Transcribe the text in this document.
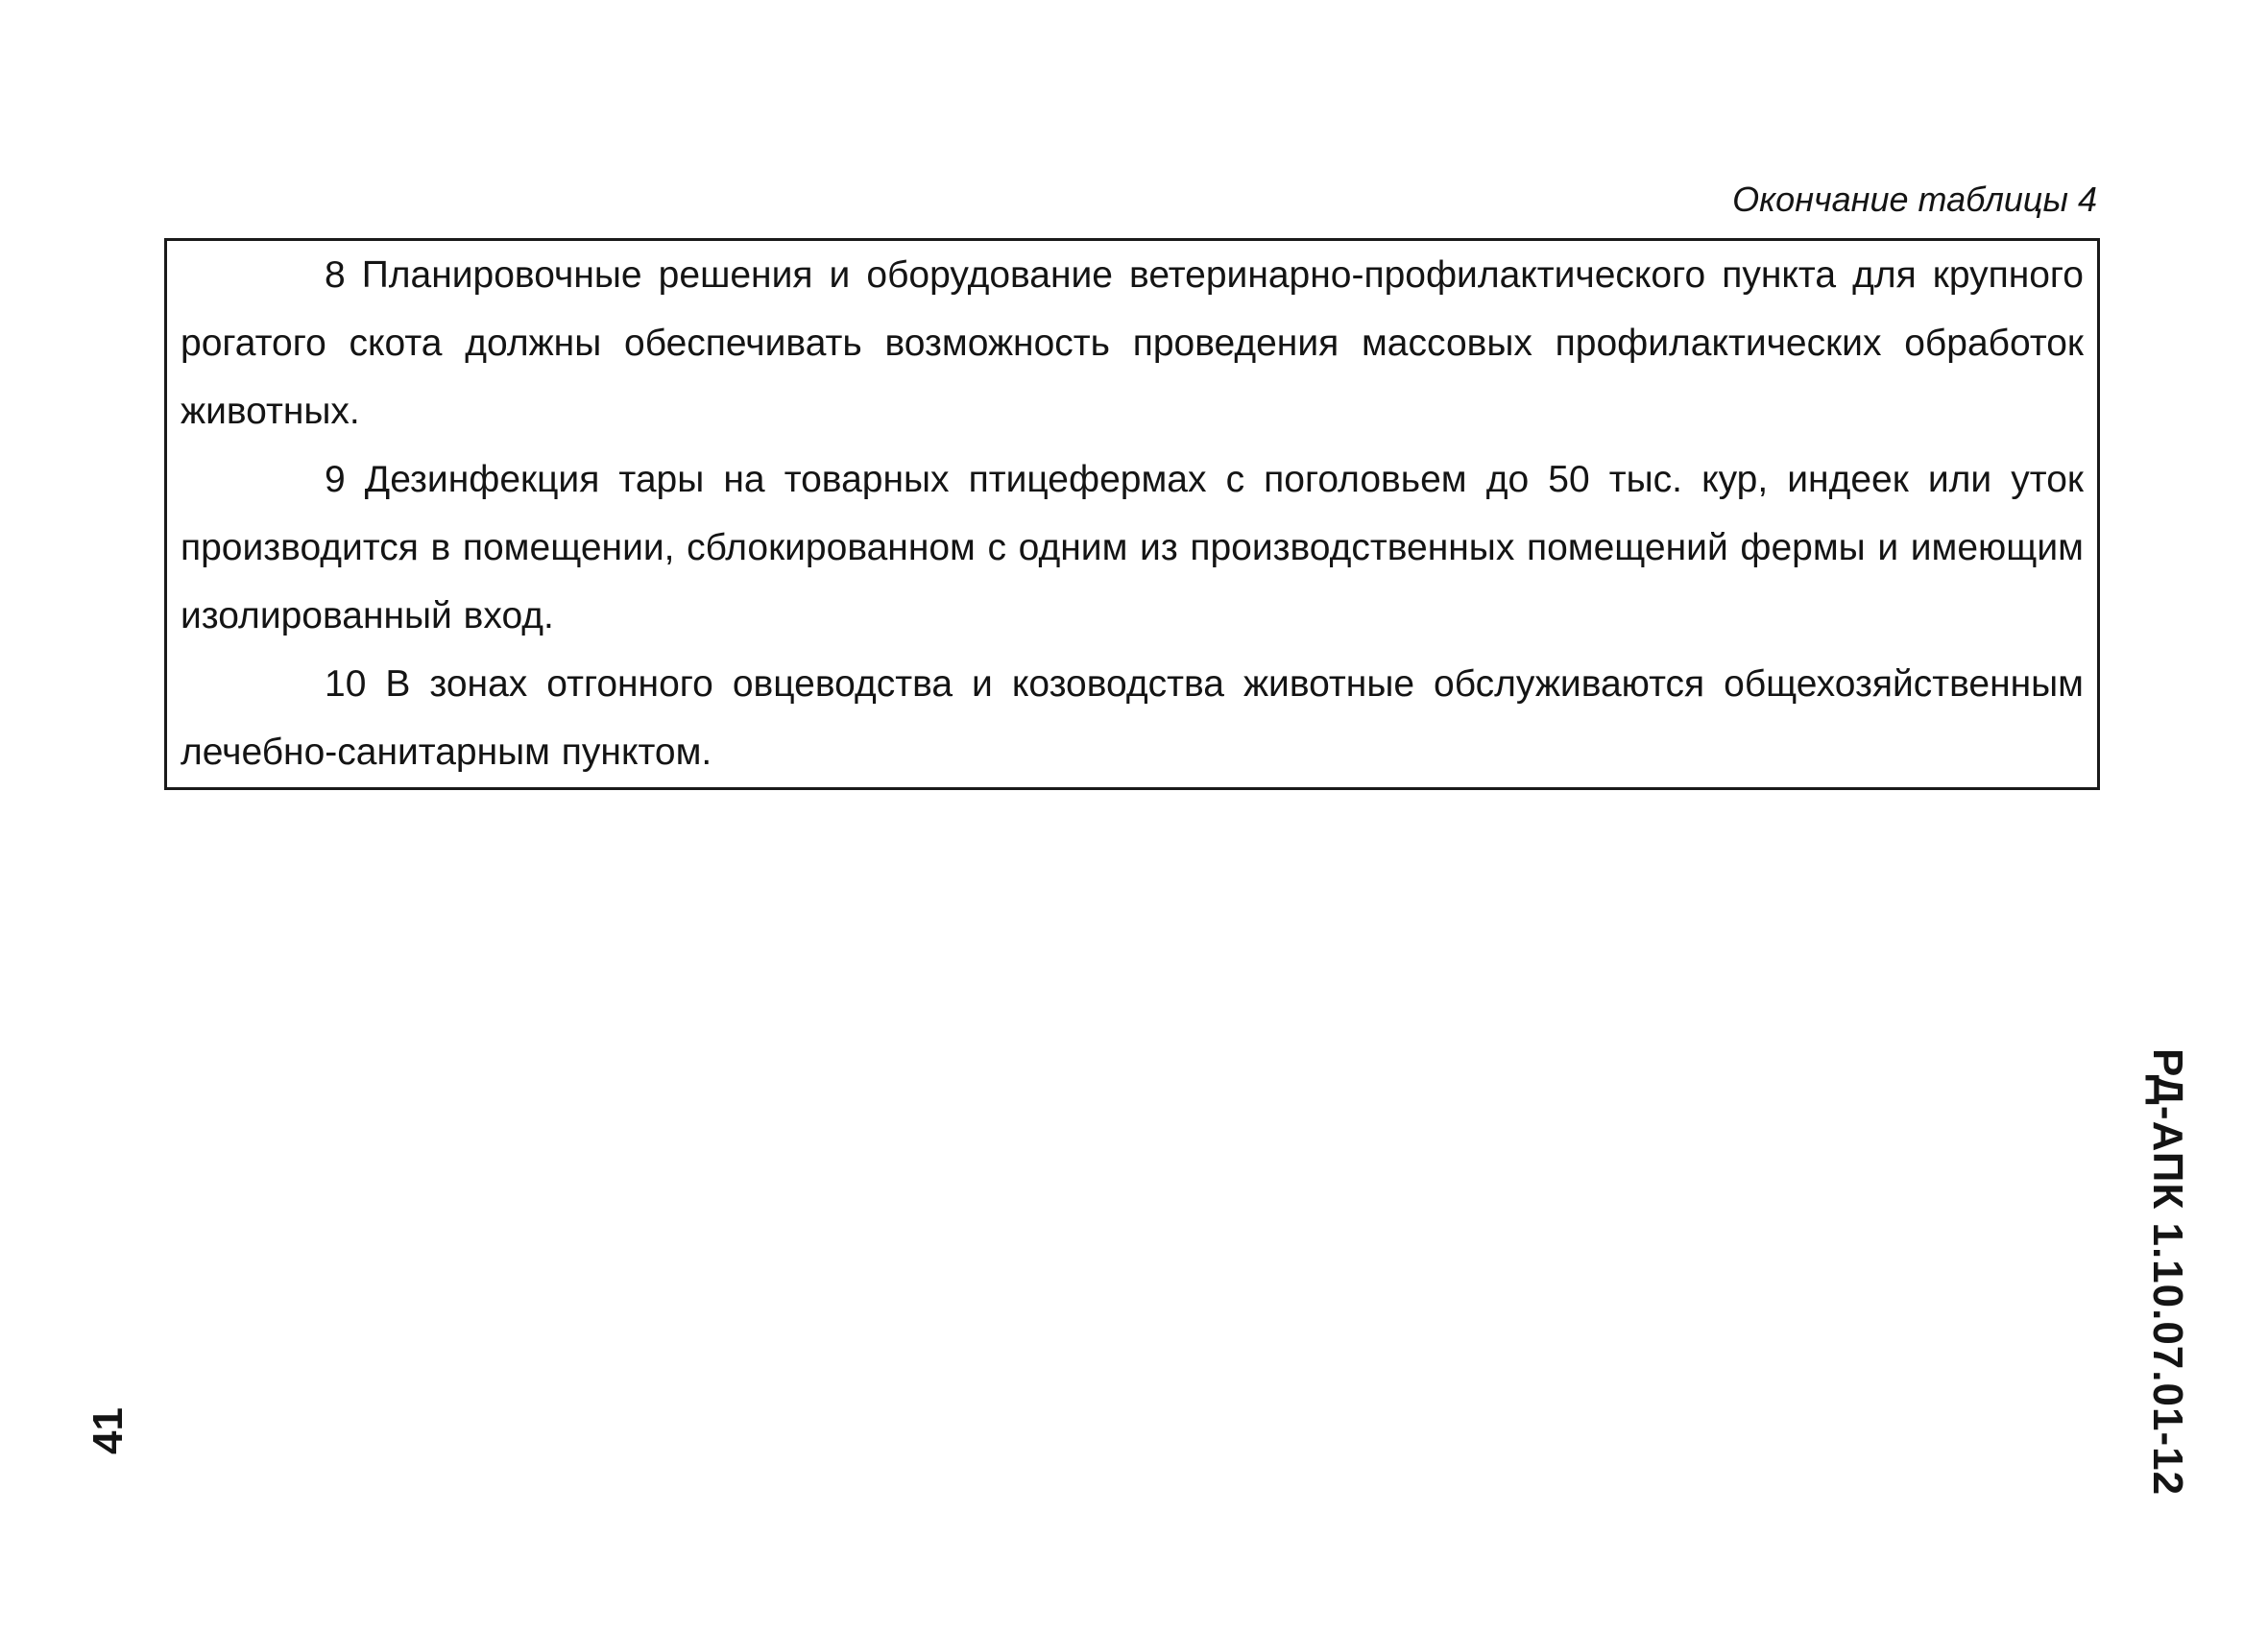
Окончание таблицы 4

8 Планировочные решения и оборудование ветеринарно-профилактического пункта для крупного рогатого скота должны обеспечивать возможность проведения массовых профилактических обработок животных.

9 Дезинфекция тары на товарных птицефермах с поголовьем до 50 тыс. кур, индеек или уток производится в помещении, сблокированном с одним из производственных помещений фермы и имеющим изолированный вход.

10 В зонах отгонного овцеводства и козоводства животные обслуживаются общехозяйственным лечебно-санитарным пунктом.

РД-АПК 1.10.07.01-12
41
